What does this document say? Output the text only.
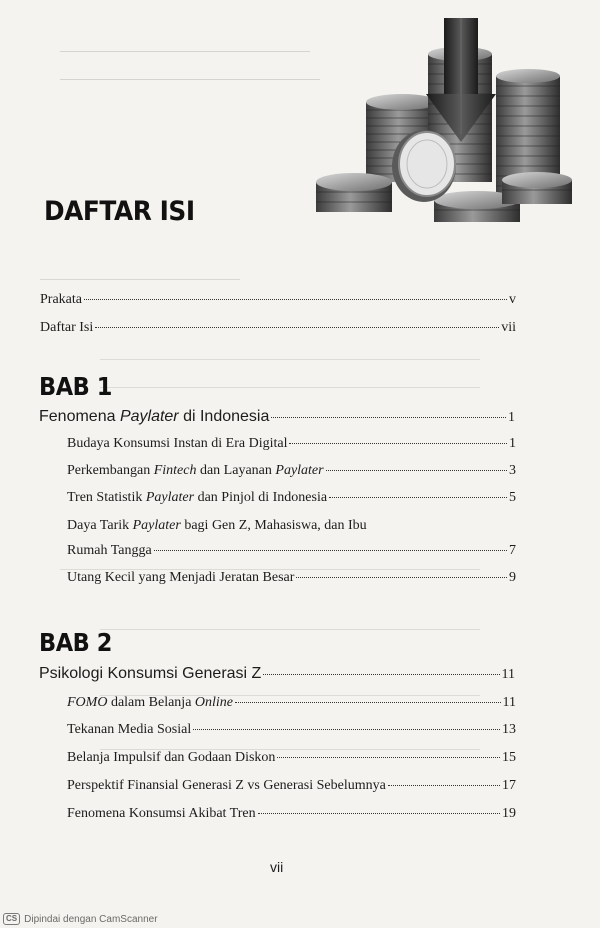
DAFTAR ISI
Prakata	v
Daftar Isi	vii
BAB 1
Fenomena Paylater di Indonesia	1
Budaya Konsumsi Instan di Era Digital	1
Perkembangan Fintech dan Layanan Paylater	3
Tren Statistik Paylater dan Pinjol di Indonesia	5
Daya Tarik Paylater bagi Gen Z, Mahasiswa, dan Ibu
Rumah Tangga	7
Utang Kecil yang Menjadi Jeratan Besar	9
BAB 2
Psikologi Konsumsi Generasi Z	11
FOMO dalam Belanja Online	11
Tekanan Media Sosial	13
Belanja Impulsif dan Godaan Diskon	15
Perspektif Finansial Generasi Z vs Generasi Sebelumnya	17
Fenomena Konsumsi Akibat Tren	19
vii
CS Dipindai dengan CamScanner
